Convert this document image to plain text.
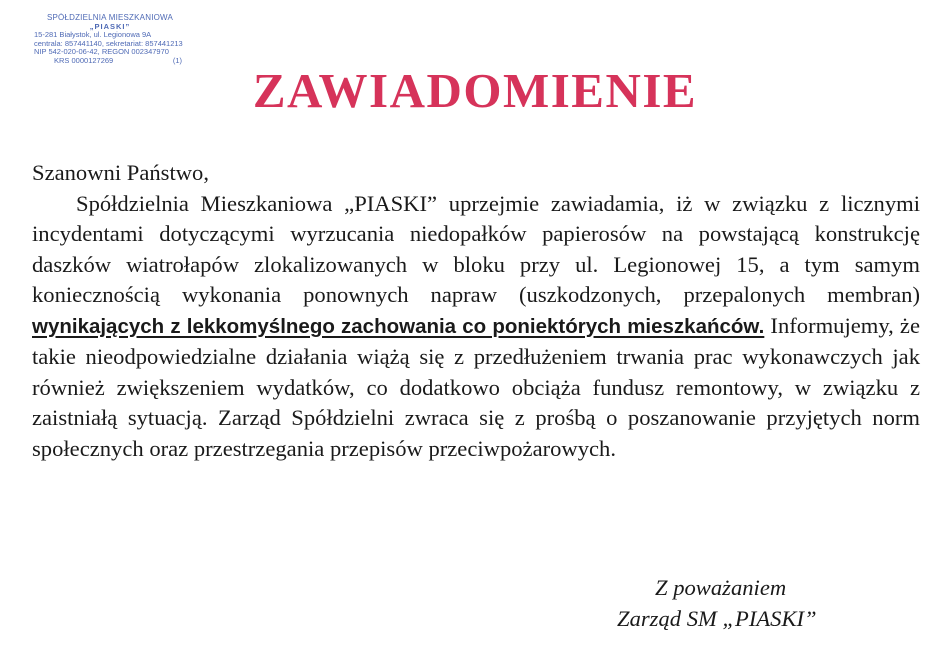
SPÓŁDZIELNIA MIESZKANIOWA
„PIASKI”
15-281 Białystok, ul. Legionowa 9A
centrala: 857441140, sekretariat: 857441213
NIP 542-020-06-42, REGON 002347970
KRS 0000127269	(1)
ZAWIADOMIENIE

Szanowni Państwo,

Spółdzielnia Mieszkaniowa „PIASKI” uprzejmie zawiadamia, iż w związku z licznymi incydentami dotyczącymi wyrzucania niedopałków papierosów na powstającą konstrukcję daszków wiatrołapów zlokalizowanych w bloku przy ul. Legionowej 15, a tym samym koniecznością wykonania ponownych napraw (uszkodzonych, przepalonych membran) wynikających z lekkomyślnego zachowania co poniektórych mieszkańców. Informujemy, że takie nieodpowiedzialne działania wiążą się z przedłużeniem trwania prac wykonawczych jak również zwiększeniem wydatków, co dodatkowo obciąża fundusz remontowy, w związku z zaistniałą sytuacją. Zarząd Spółdzielni zwraca się z prośbą o poszanowanie przyjętych norm społecznych oraz przestrzegania przepisów przeciwpożarowych.

Z poważaniem
Zarząd SM „PIASKI”
